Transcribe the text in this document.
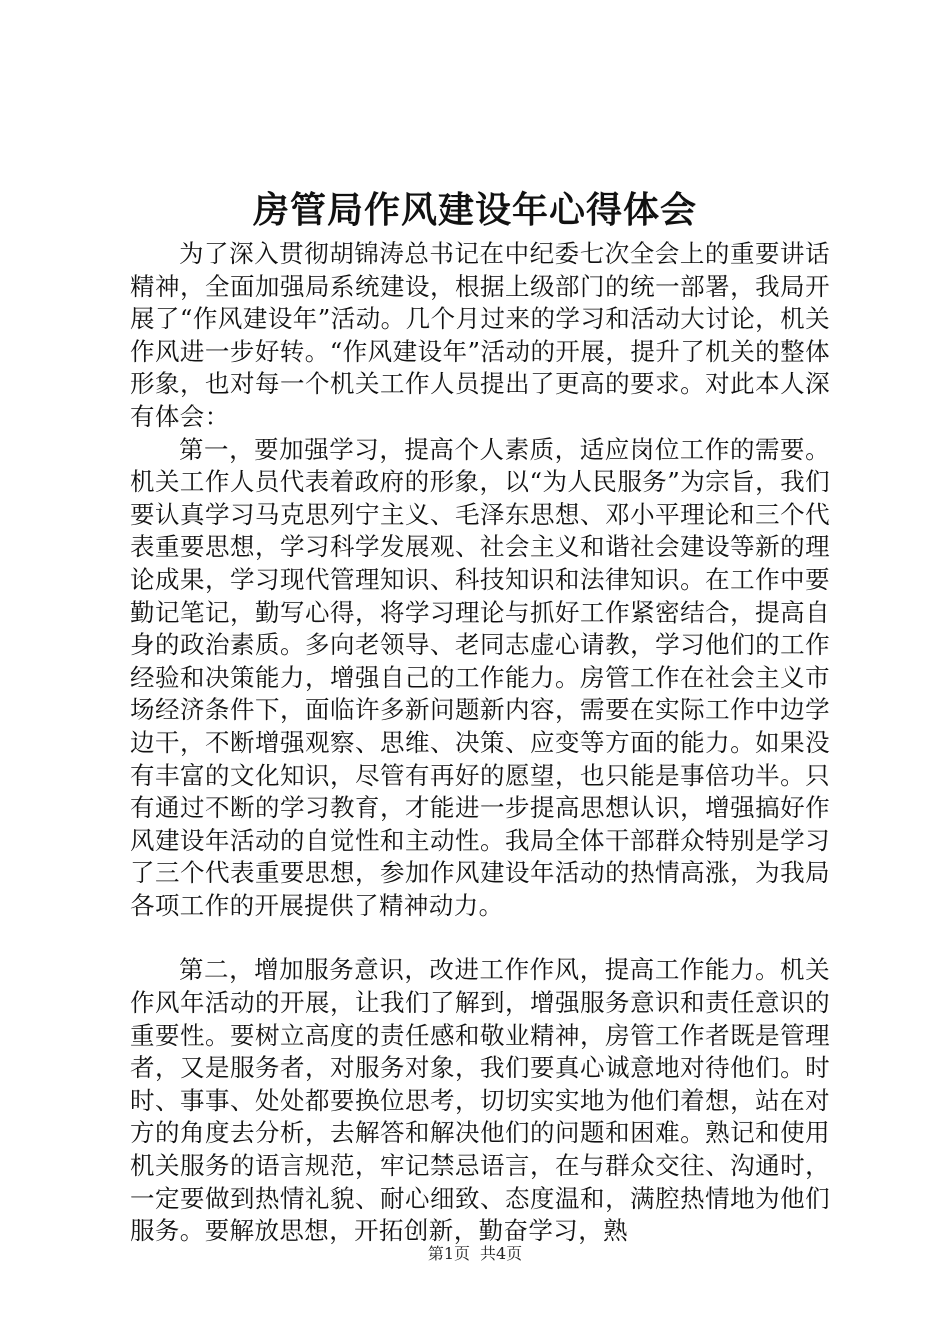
房管局作风建设年心得体会

为了深入贯彻胡锦涛总书记在中纪委七次全会上的重要讲话精神，全面加强局系统建设，根据上级部门的统一部署，我局开展了“作风建设年”活动。几个月过来的学习和活动大讨论，机关作风进一步好转。“作风建设年”活动的开展，提升了机关的整体形象，也对每一个机关工作人员提出了更高的要求。对此本人深有体会：

第一，要加强学习，提高个人素质，适应岗位工作的需要。机关工作人员代表着政府的形象，以“为人民服务”为宗旨，我们要认真学习马克思列宁主义、毛泽东思想、邓小平理论和三个代表重要思想，学习科学发展观、社会主义和谐社会建设等新的理论成果，学习现代管理知识、科技知识和法律知识。在工作中要勤记笔记，勤写心得，将学习理论与抓好工作紧密结合，提高自身的政治素质。多向老领导、老同志虚心请教，学习他们的工作经验和决策能力，增强自己的工作能力。房管工作在社会主义市场经济条件下，面临许多新问题新内容，需要在实际工作中边学边干，不断增强观察、思维、决策、应变等方面的能力。如果没有丰富的文化知识，尽管有再好的愿望，也只能是事倍功半。只有通过不断的学习教育，才能进一步提高思想认识，增强搞好作风建设年活动的自觉性和主动性。我局全体干部群众特别是学习了三个代表重要思想，参加作风建设年活动的热情高涨，为我局各项工作的开展提供了精神动力。

第二，增加服务意识，改进工作作风，提高工作能力。机关作风年活动的开展，让我们了解到，增强服务意识和责任意识的重要性。要树立高度的责任感和敬业精神，房管工作者既是管理者，又是服务者，对服务对象，我们要真心诚意地对待他们。时时、事事、处处都要换位思考，切切实实地为他们着想，站在对方的角度去分析，去解答和解决他们的问题和困难。熟记和使用机关服务的语言规范，牢记禁忌语言，在与群众交往、沟通时，一定要做到热情礼貌、耐心细致、态度温和，满腔热情地为他们服务。要解放思想，开拓创新，勤奋学习，熟

第1页 共4页
